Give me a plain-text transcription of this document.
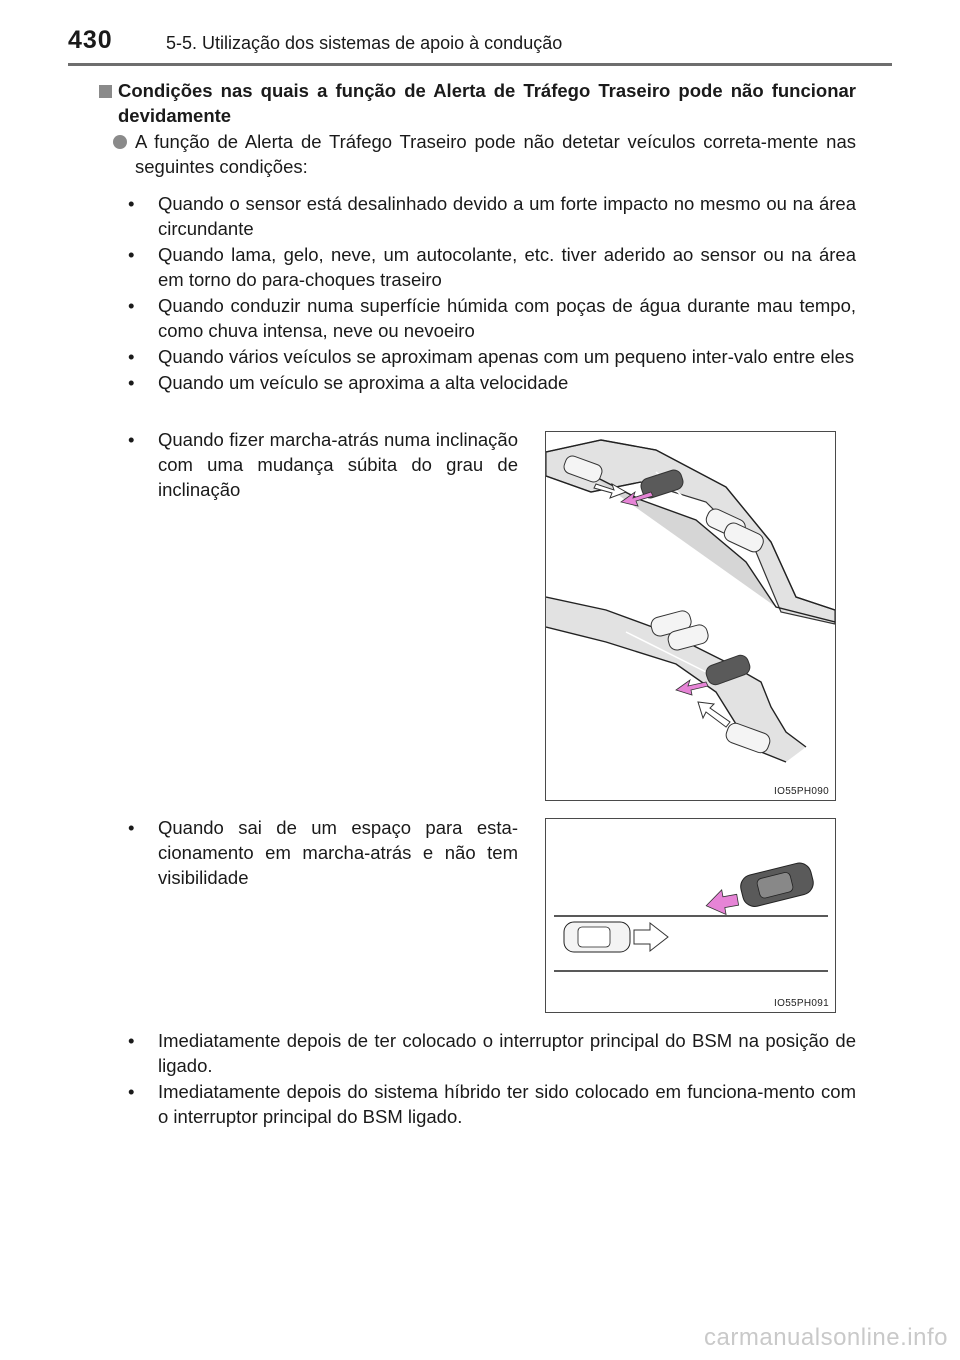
430	5-5. Utilização dos sistemas de apoio à condução
Condições nas quais a função de Alerta de Tráfego Traseiro pode não funcionar devidamente
A função de Alerta de Tráfego Traseiro pode não detetar veículos correta-mente nas seguintes condições:
• Quando o sensor está desalinhado devido a um forte impacto no mesmo ou na área circundante
• Quando lama, gelo, neve, um autocolante, etc. tiver aderido ao sensor ou na área em torno do para-choques traseiro
• Quando conduzir numa superfície húmida com poças de água durante mau tempo, como chuva intensa, neve ou nevoeiro
• Quando vários veículos se aproximam apenas com um pequeno inter-valo entre eles
• Quando um veículo se aproxima a alta velocidade
• Quando fizer marcha-atrás numa inclinação com uma mudança súbita do grau de inclinação
IO55PH090
• Quando sai de um espaço para esta-cionamento em marcha-atrás e não tem visibilidade
IO55PH091
• Imediatamente depois de ter colocado o interruptor principal do BSM na posição de ligado.
• Imediatamente depois do sistema híbrido ter sido colocado em funciona-mento com o interruptor principal do BSM ligado.
carmanualsonline.info
